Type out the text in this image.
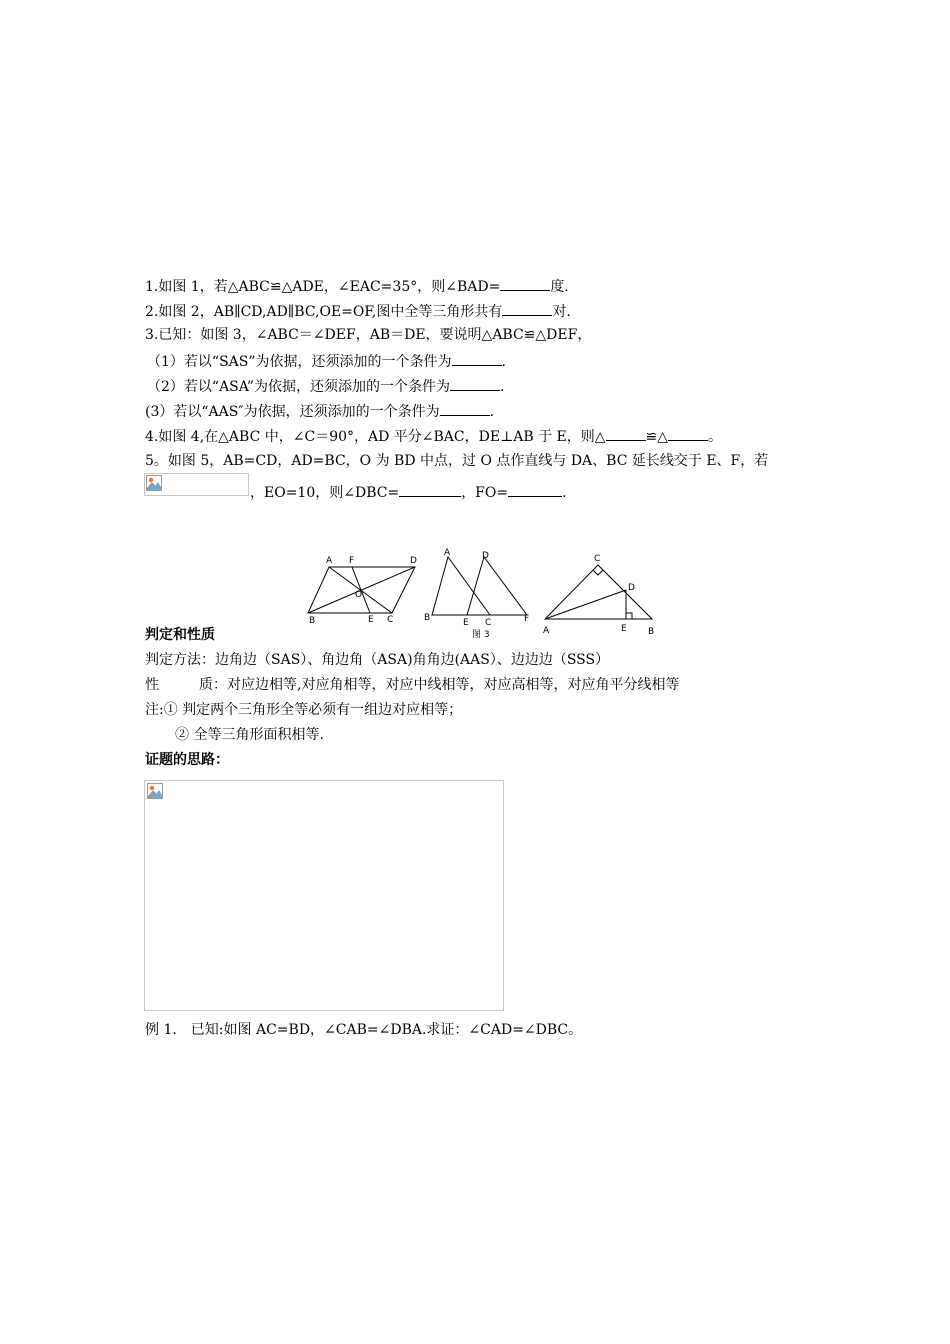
1.如图 1，若△ABC≌△ADE，∠EAC=35°，则∠BAD=	度.
2.如图 2，AB∥CD,AD∥BC,OE=OF,图中全等三角形共有	对.
3.已知：如图 3，∠ABC＝∠DEF，AB＝DE，要说明△ABC≌△DEF，
（1）若以“SAS”为依据，还须添加的一个条件为	.
（2）若以“ASA”为依据，还须添加的一个条件为	.
(3）若以“AAS″为依据，还须添加的一个条件为	.
4.如图 4,在△ABC 中，∠C＝90°，AD 平分∠BAC，DE⊥AB 于 E，则△	≌△	。
5。如图 5，AB=CD，AD=BC，O 为 BD 中点，过 O 点作直线与 DA、BC 延长线交于 E、F，若
，EO=10，则∠DBC=	，FO=	.
A F	D
O
B	E C
A	D
B	E C	F
图 3
C
D
A	E B
判定和性质
判定方法：边角边（SAS）、角边角（ASA)角角边(AAS）、边边边（SSS）
性	质：对应边相等,对应角相等，对应中线相等，对应高相等，对应角平分线相等
注:① 判定两个三角形全等必须有一组边对应相等；
② 全等三角形面积相等.
证题的思路：
例 1.　已知:如图 AC=BD，∠CAB=∠DBA.求证：∠CAD=∠DBC。
